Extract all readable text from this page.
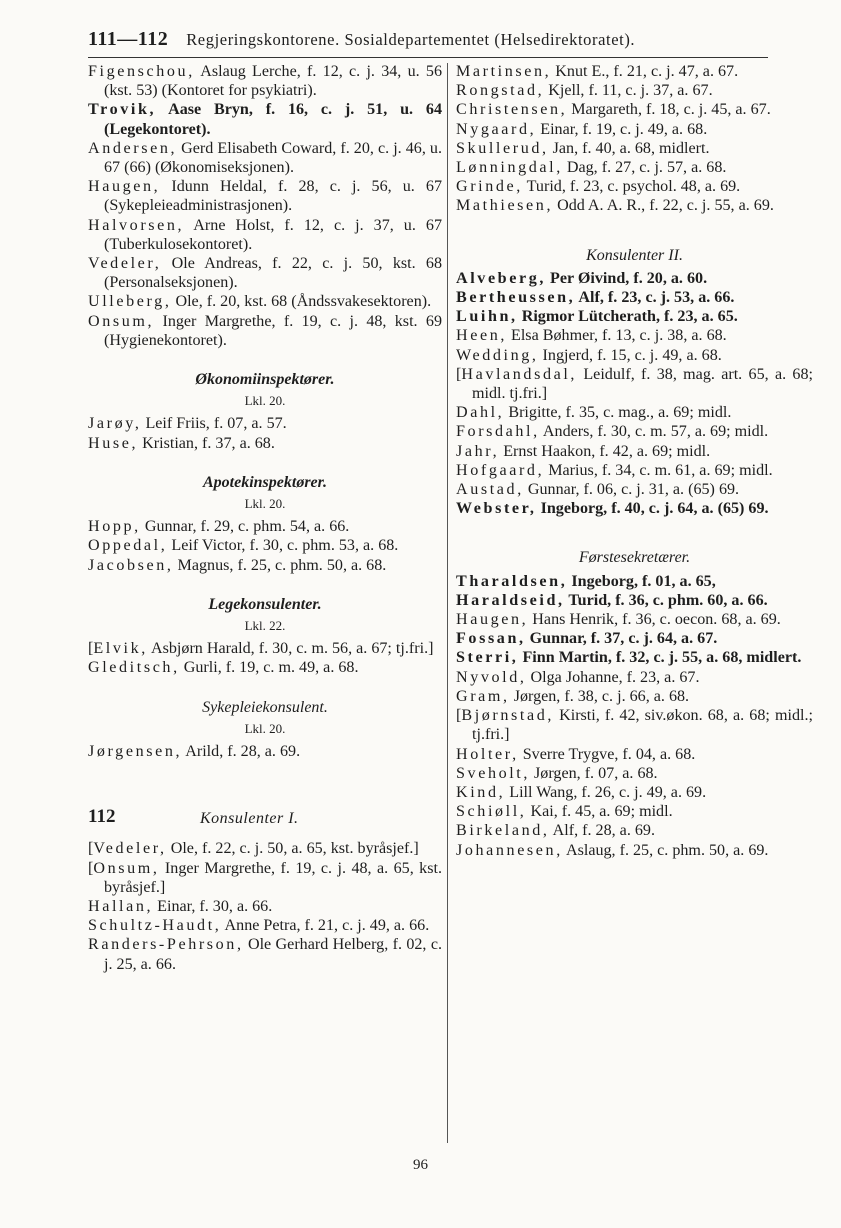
111—112 Regjeringskontorene. Sosialdepartementet (Helsedirektoratet).
Figenschou, Aslaug Lerche, f. 12, c. j. 34, u. 56 (kst. 53) (Kontoret for psykiatri).
Trovik, Aase Bryn, f. 16, c. j. 51, u. 64 (Legekontoret).
Andersen, Gerd Elisabeth Coward, f. 20, c. j. 46, u. 67 (66) (Økonomiseksjonen).
Haugen, Idunn Heldal, f. 28, c. j. 56, u. 67 (Sykepleieadministrasjonen).
Halvorsen, Arne Holst, f. 12, c. j. 37, u. 67 (Tuberkulosekontoret).
Vedeler, Ole Andreas, f. 22, c. j. 50, kst. 68 (Personalseksjonen).
Ulleberg, Ole, f. 20, kst. 68 (Åndssvakesektoren).
Onsum, Inger Margrethe, f. 19, c. j. 48, kst. 69 (Hygienekontoret).
Økonomiinspektører.
Lkl. 20.
Jarøy, Leif Friis, f. 07, a. 57.
Huse, Kristian, f. 37, a. 68.
Apotekinspektører.
Lkl. 20.
Hopp, Gunnar, f. 29, c. phm. 54, a. 66.
Oppedal, Leif Victor, f. 30, c. phm. 53, a. 68.
Jacobsen, Magnus, f. 25, c. phm. 50, a. 68.
Legekonsulenter.
Lkl. 22.
[Elvik, Asbjørn Harald, f. 30, c. m. 56, a. 67; tj.fri.]
Gleditsch, Gurli, f. 19, c. m. 49, a. 68.
Sykepleiekonsulent.
Lkl. 20.
Jørgensen, Arild, f. 28, a. 69.
112	Konsulenter I.
[Vedeler, Ole, f. 22, c. j. 50, a. 65, kst. byråsjef.]
[Onsum, Inger Margrethe, f. 19, c. j. 48, a. 65, kst. byråsjef.]
Hallan, Einar, f. 30, a. 66.
Schultz-Haudt, Anne Petra, f. 21, c. j. 49, a. 66.
Randers-Pehrson, Ole Gerhard Helberg, f. 02, c. j. 25, a. 66.
Martinsen, Knut E., f. 21, c. j. 47, a. 67.
Rongstad, Kjell, f. 11, c. j. 37, a. 67.
Christensen, Margareth, f. 18, c. j. 45, a. 67.
Nygaard, Einar, f. 19, c. j. 49, a. 68.
Skullerud, Jan, f. 40, a. 68, midlert.
Lønningdal, Dag, f. 27, c. j. 57, a. 68.
Grinde, Turid, f. 23, c. psychol. 48, a. 69.
Mathiesen, Odd A. A. R., f. 22, c. j. 55, a. 69.
Konsulenter II.
Alveberg, Per Øivind, f. 20, a. 60.
Bertheussen, Alf, f. 23, c. j. 53, a. 66.
Luihn, Rigmor Lütcherath, f. 23, a. 65.
Heen, Elsa Bøhmer, f. 13, c. j. 38, a. 68.
Wedding, Ingjerd, f. 15, c. j. 49, a. 68.
[Havlandsdal, Leidulf, f. 38, mag. art. 65, a. 68; midl. tj.fri.]
Dahl, Brigitte, f. 35, c. mag., a. 69; midl.
Forsdahl, Anders, f. 30, c. m. 57, a. 69; midl.
Jahr, Ernst Haakon, f. 42, a. 69; midl.
Hofgaard, Marius, f. 34, c. m. 61, a. 69; midl.
Austad, Gunnar, f. 06, c. j. 31, a. (65) 69.
Webster, Ingeborg, f. 40, c. j. 64, a. (65) 69.
Førstesekretærer.
Tharaldsen, Ingeborg, f. 01, a. 65,
Haraldseid, Turid, f. 36, c. phm. 60, a. 66.
Haugen, Hans Henrik, f. 36, c. oecon. 68, a. 69.
Fossan, Gunnar, f. 37, c. j. 64, a. 67.
Sterri, Finn Martin, f. 32, c. j. 55, a. 68, midlert.
Nyvold, Olga Johanne, f. 23, a. 67.
Gram, Jørgen, f. 38, c. j. 66, a. 68.
[Bjørnstad, Kirsti, f. 42, siv.økon. 68, a. 68; midl.; tj.fri.]
Holter, Sverre Trygve, f. 04, a. 68.
Sveholt, Jørgen, f. 07, a. 68.
Kind, Lill Wang, f. 26, c. j. 49, a. 69.
Schiøll, Kai, f. 45, a. 69; midl.
Birkeland, Alf, f. 28, a. 69.
Johannesen, Aslaug, f. 25, c. phm. 50, a. 69.
96
